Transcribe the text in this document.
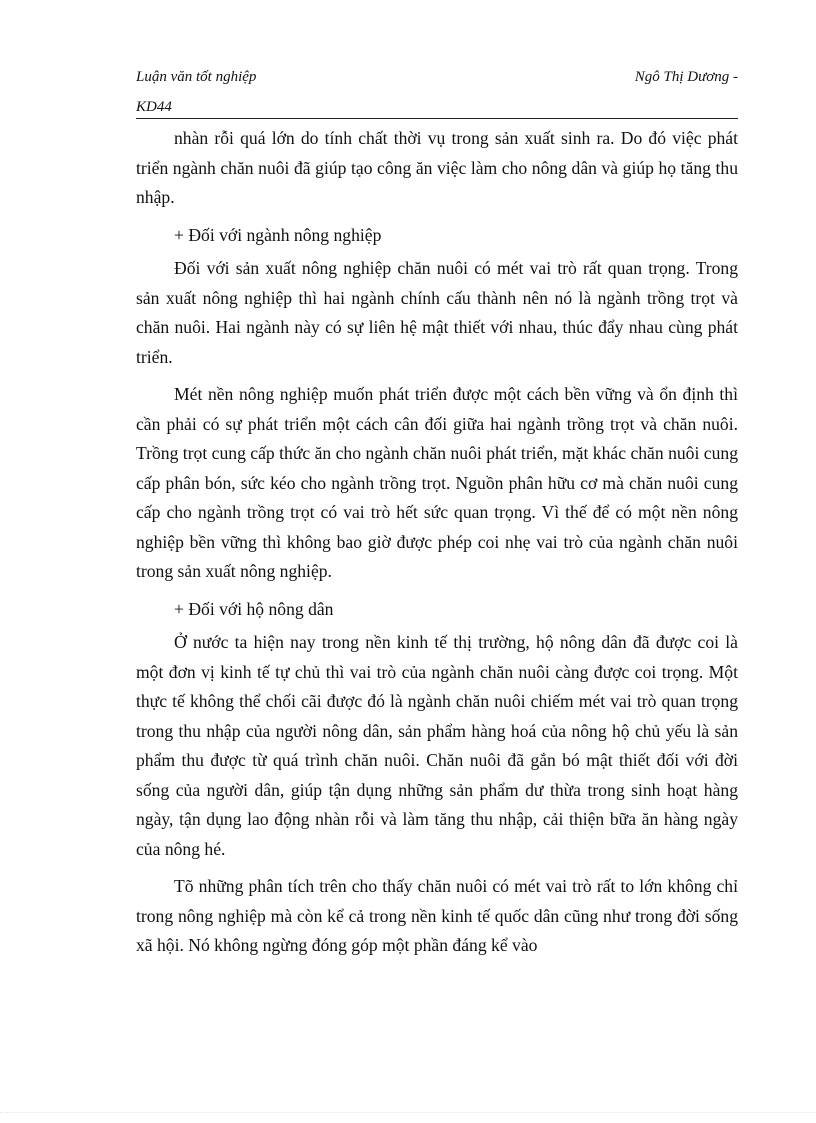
Luận văn tốt nghiệp	Ngô Thị Dương -
KD44

nhàn rỗi quá lớn do tính chất thời vụ trong sản xuất sinh ra. Do đó việc phát triển ngành chăn nuôi đã giúp tạo công ăn việc làm cho nông dân và giúp họ tăng thu nhập.

+ Đối với ngành nông nghiệp

Đối với sản xuất nông nghiệp chăn nuôi có mét vai trò rất quan trọng. Trong sản xuất nông nghiệp thì hai ngành chính cấu thành nên nó là ngành trồng trọt và chăn nuôi. Hai ngành này có sự liên hệ mật thiết với nhau, thúc đẩy nhau cùng phát triển.

Mét nền nông nghiệp muốn phát triển được một cách bền vững và ổn định thì cần phải có sự phát triển một cách cân đối giữa hai ngành trồng trọt và chăn nuôi. Trồng trọt cung cấp thức ăn cho ngành chăn nuôi phát triển, mặt khác chăn nuôi cung cấp phân bón, sức kéo cho ngành trồng trọt. Nguồn phân hữu cơ mà chăn nuôi cung cấp cho ngành trồng trọt có vai trò hết sức quan trọng. Vì thế để có một nền nông nghiệp bền vững thì không bao giờ được phép coi nhẹ vai trò của ngành chăn nuôi trong sản xuất nông nghiệp.

+ Đối với hộ nông dân

Ở nước ta hiện nay trong nền kinh tế thị trường, hộ nông dân đã được coi là một đơn vị kinh tế tự chủ thì vai trò của ngành chăn nuôi càng được coi trọng. Một thực tế không thể chối cãi được đó là ngành chăn nuôi chiếm mét vai trò quan trọng trong thu nhập của người nông dân, sản phẩm hàng hoá của nông hộ chủ yếu là sản phẩm thu được từ quá trình chăn nuôi. Chăn nuôi đã gắn bó mật thiết đối với đời sống của người dân, giúp tận dụng những sản phẩm dư thừa trong sinh hoạt hàng ngày, tận dụng lao động nhàn rỗi và làm tăng thu nhập, cải thiện bữa ăn hàng ngày của nông hé.

Tõ những phân tích trên cho thấy chăn nuôi có mét vai trò rất to lớn không chỉ trong nông nghiệp mà còn kể cả trong nền kinh tế quốc dân cũng như trong đời sống xã hội. Nó không ngừng đóng góp một phần đáng kể vào
